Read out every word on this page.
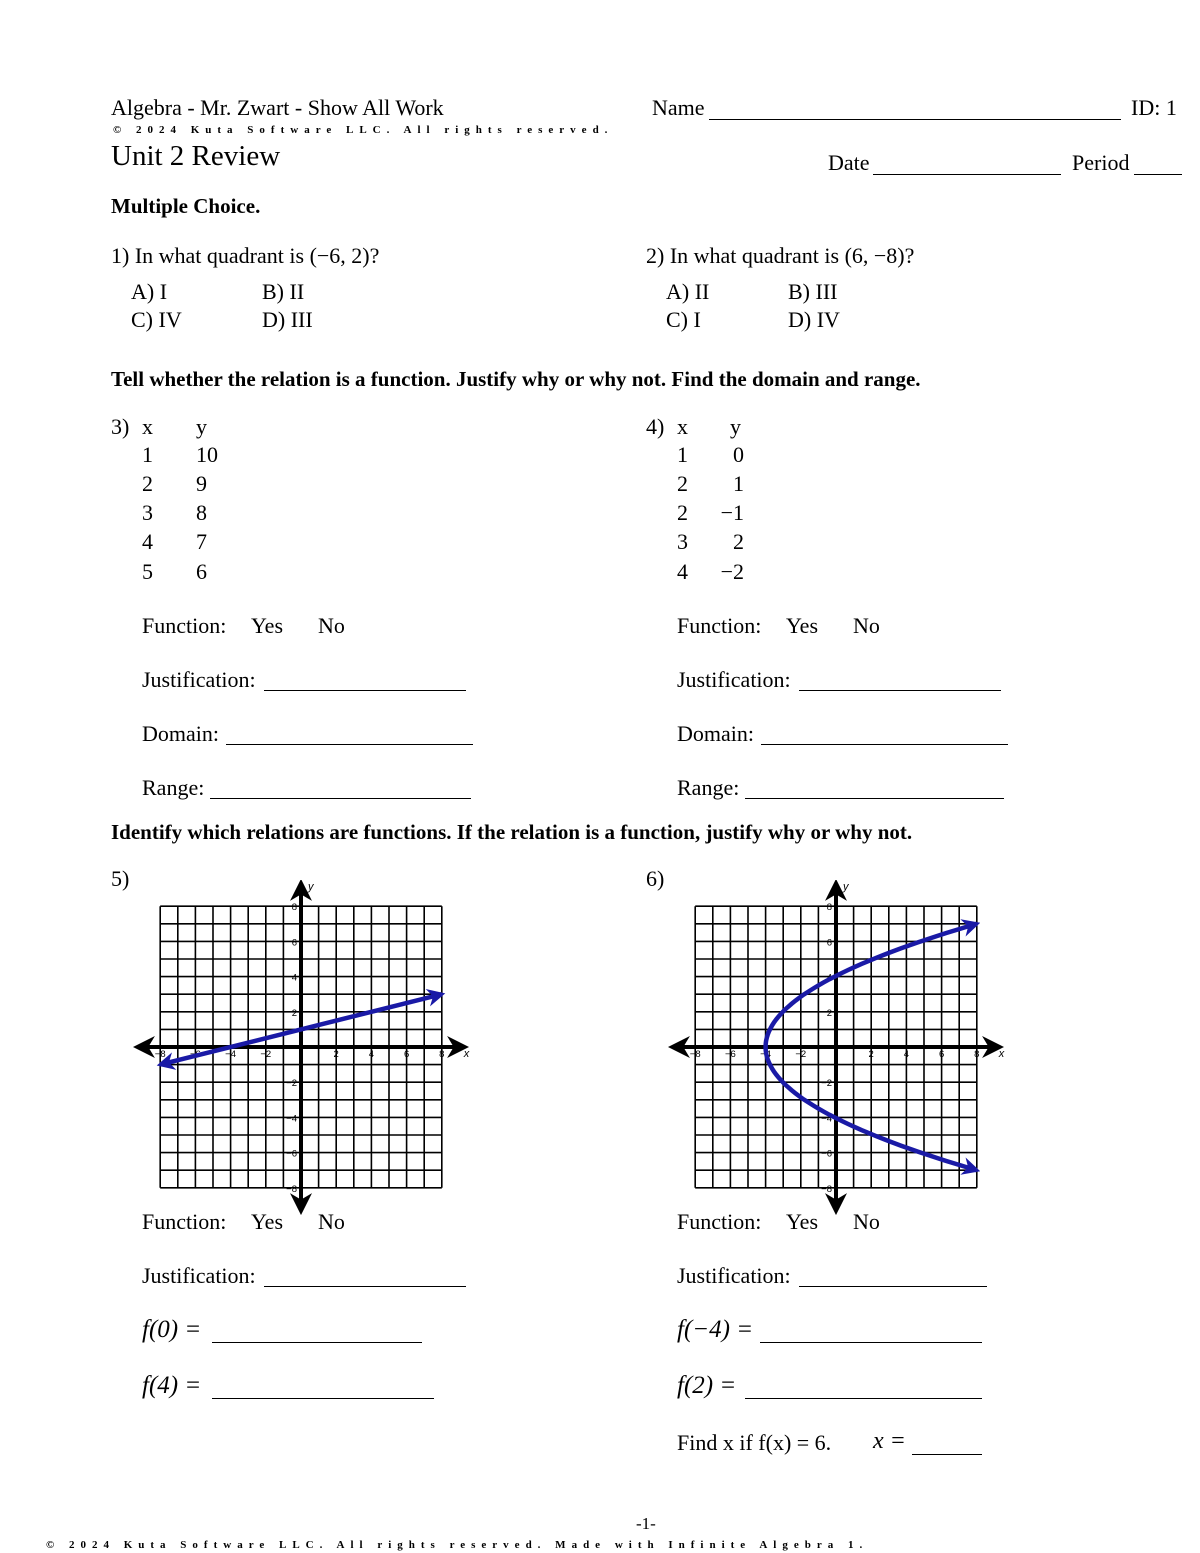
Algebra - Mr. Zwart - Show All Work	Name	ID: 1
© 2024 Kuta Software LLC. All rights reserved.
Unit 2 Review	Date	Period
Multiple Choice.
1) In what quadrant is (−6, 2)?
A) I	B) II
C) IV	D) III
2) In what quadrant is (6, −8)?
A) II	B) III
C) I	D) IV
Tell whether the relation is a function. Justify why or why not. Find the domain and range.
3) x y
1 10
2 9
3 8
4 7
5 6
4) x y
1	0
2	1
2	−1
3	2
4	−2
Function: Yes No
Justification:
Domain:
Range:
Function: Yes No
Justification:
Domain:
Range:
Identify which relations are functions. If the relation is a function, justify why or why not.
5)	6)
x
y
−8	−6	−4	−2	2	4	6	8
8
6
4
2
−2
−4
−6
−8
x
y
−8	−6	−4	−2	2	4	6	8
8
6
4
2
−2
−4
−6
−8
Function: Yes No
Justification:
f(0) =
f(4) =
Function: Yes No
Justification:
f(−4) =
f(2) =
Find x if f(x) = 6. x =
-1-
© 2024 Kuta Software LLC. All rights reserved. Made with Infinite Algebra 1.
